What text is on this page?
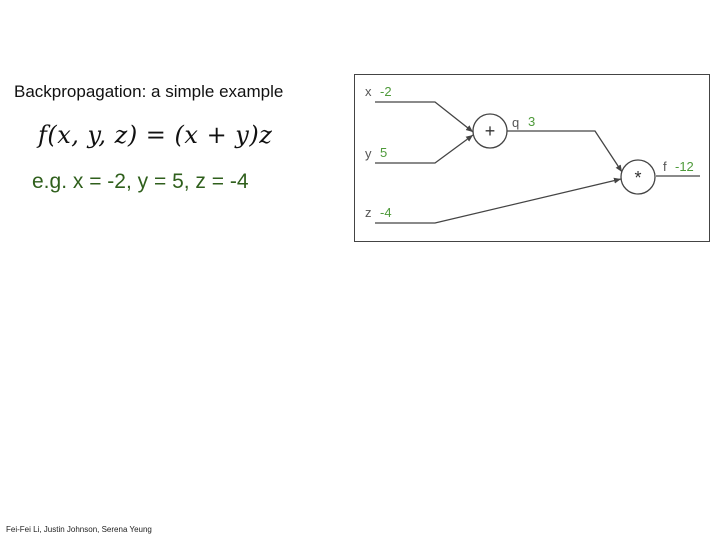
Backpropagation: a simple example
f(x, y, z) = (x + y)z
e.g. x = -2, y = 5, z = -4
+
*
x -2
y 5
z -4
q 3
f -12
Fei-Fei Li, Justin Johnson, Serena Yeung
